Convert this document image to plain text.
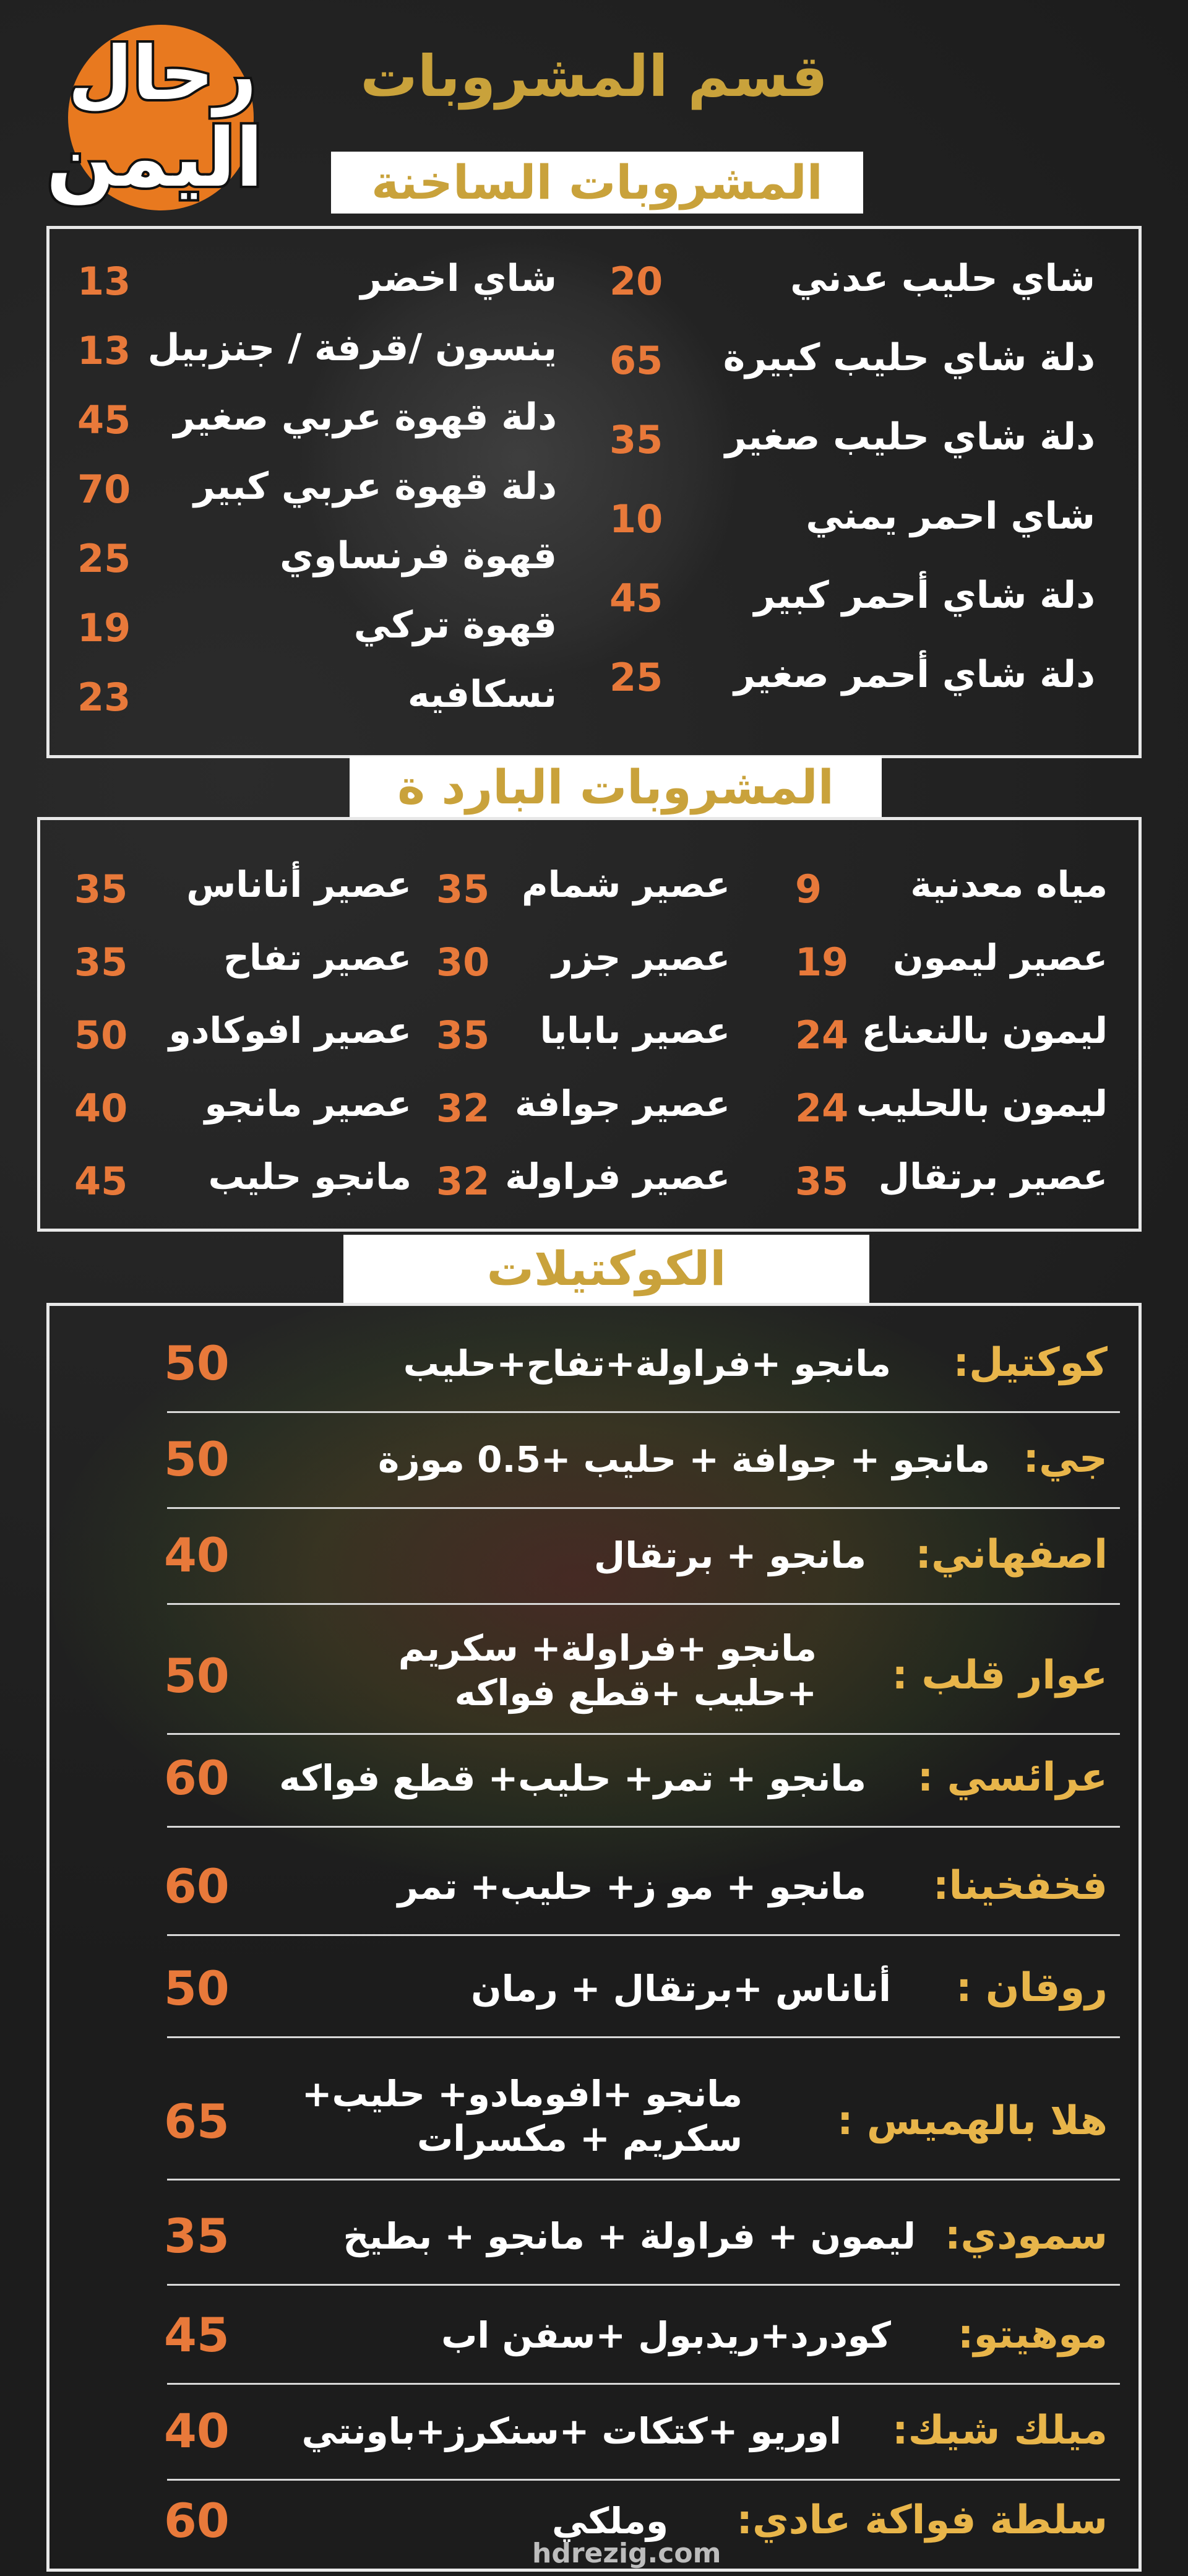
رحال
اليمن
قسم المشروبات
المشروبات الساخنة
المشروبات البارد ة
الكوكتيلات
hdrezig.com
شاي حليب عدني
20
دلة شاي حليب كبيرة
65
دلة شاي حليب صغير
35
شاي احمر يمني
10
دلة شاي أحمر كبير
45
دلة شاي أحمر صغير
25
شاي اخضر
13
ينسون /قرفة / جنزبيل
13
دلة قهوة عربي صغير
45
دلة قهوة عربي كبير
70
قهوة فرنساوي
25
قهوة تركي
19
نسكافيه
23
مياه معدنية
9
عصير ليمون
19
ليمون بالنعناع
24
ليمون بالحليب
24
عصير برتقال
35
عصير شمام
35
عصير جزر
30
عصير بابايا
35
عصير جوافة
32
عصير فراولة
32
عصير أناناس
35
عصير تفاح
35
عصير افوكادو
50
عصير مانجو
40
مانجو حليب
45
كوكتيل:
مانجو +فراولة+تفاح+حليب
50
جي:
مانجو + جوافة + حليب +0.5 موزة
50
اصفهاني:
مانجو + برتقال
40
عوار قلب :
مانجو +فراولة+ سكريم
+حليب +قطع فواكه
50
عرائسي :
مانجو + تمر+ حليب+ قطع فواكه
60
فخفخينا:
مانجو + مو ز+ حليب+ تمر
60
روقان :
أناناس +برتقال + رمان
50
هلا بالهميس :
مانجو +افومادو+ حليب+
سكريم + مكسرات
65
سمودي:
ليمون + فراولة + مانجو + بطيخ
35
موهيتو:
كودرد+ريدبول +سفن اب
45
ميلك شيك:
اوريو +كتكات +سنكرز+باونتي
40
سلطة فواكة عادي:
وملكي
60
